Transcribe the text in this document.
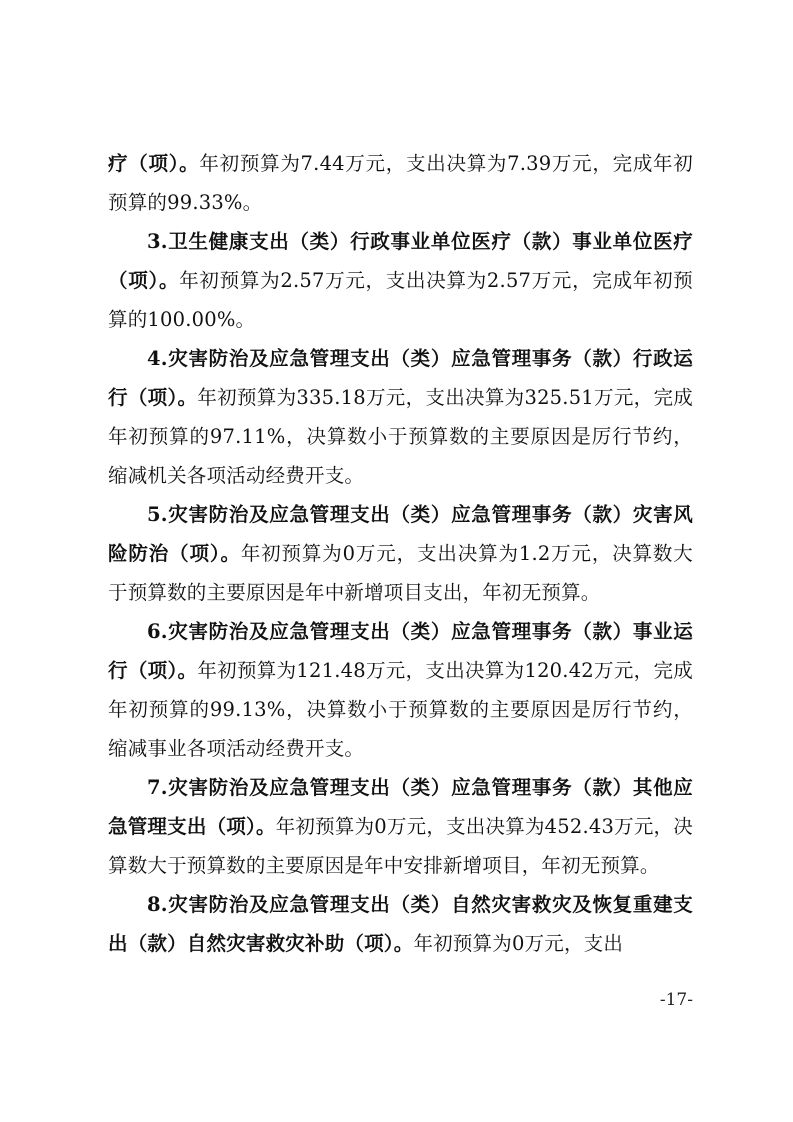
疗（项）。年初预算为7.44万元，支出决算为7.39万元，完成年初预算的99.33%。

3.卫生健康支出（类）行政事业单位医疗（款）事业单位医疗（项）。年初预算为2.57万元，支出决算为2.57万元，完成年初预算的100.00%。

4.灾害防治及应急管理支出（类）应急管理事务（款）行政运行（项）。年初预算为335.18万元，支出决算为325.51万元，完成年初预算的97.11%，决算数小于预算数的主要原因是厉行节约，缩减机关各项活动经费开支。

5.灾害防治及应急管理支出（类）应急管理事务（款）灾害风险防治（项）。年初预算为0万元，支出决算为1.2万元，决算数大于预算数的主要原因是年中新增项目支出，年初无预算。

6.灾害防治及应急管理支出（类）应急管理事务（款）事业运行（项）。年初预算为121.48万元，支出决算为120.42万元，完成年初预算的99.13%，决算数小于预算数的主要原因是厉行节约，缩减事业各项活动经费开支。

7.灾害防治及应急管理支出（类）应急管理事务（款）其他应急管理支出（项）。年初预算为0万元，支出决算为452.43万元，决算数大于预算数的主要原因是年中安排新增项目，年初无预算。

8.灾害防治及应急管理支出（类）自然灾害救灾及恢复重建支出（款）自然灾害救灾补助（项）。年初预算为0万元，支出

-17-
